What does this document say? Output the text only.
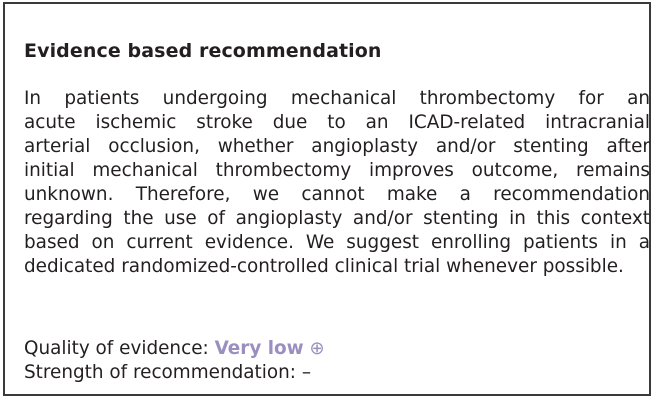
Evidence based recommendation
In patients undergoing mechanical thrombectomy for an
acute ischemic stroke due to an ICAD-related intracranial
arterial occlusion, whether angioplasty and/or stenting after
initial mechanical thrombectomy improves outcome, remains
unknown. Therefore, we cannot make a recommendation
regarding the use of angioplasty and/or stenting in this context
based on current evidence. We suggest enrolling patients in a
dedicated randomized-controlled clinical trial whenever possible.
Quality of evidence: Very low ⊕
Strength of recommendation: –
